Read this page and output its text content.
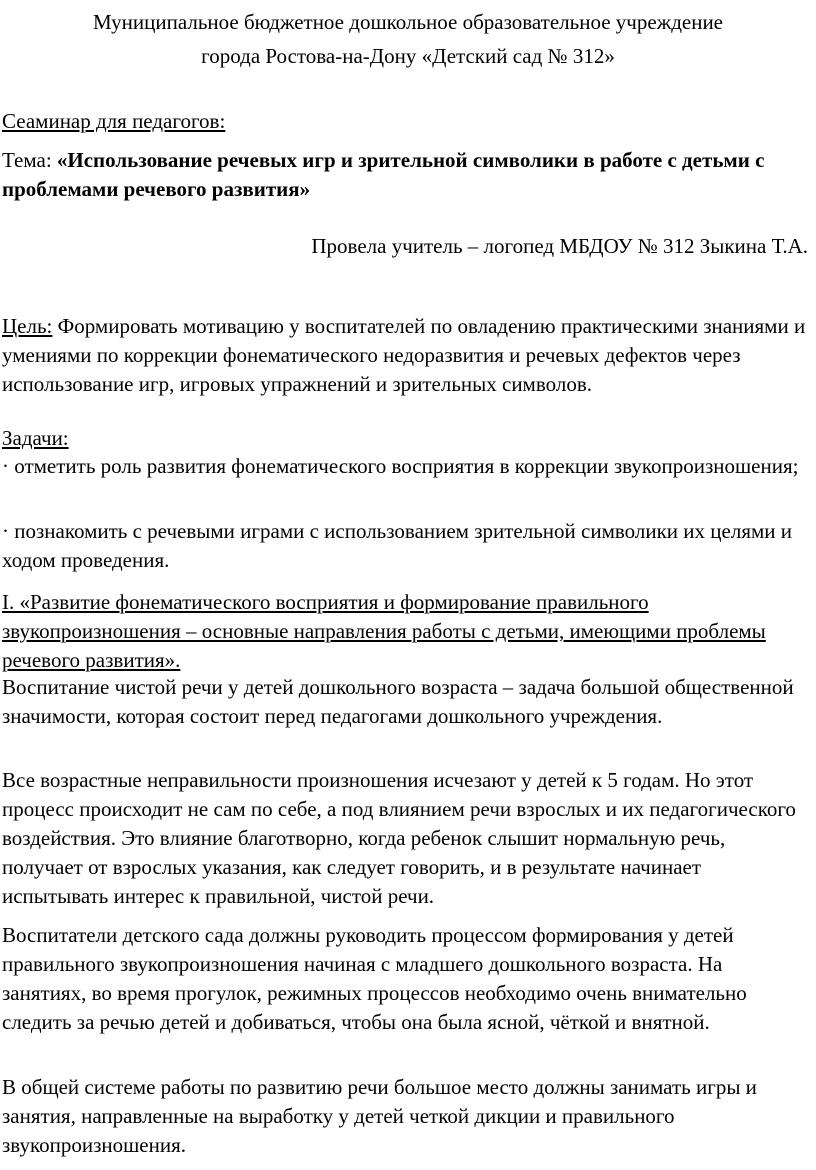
Муниципальное бюджетное дошкольное образовательное учреждение

города Ростова-на-Дону «Детский сад № 312»

Сеаминар для педагогов:

Тема: «Использование речевых игр и зрительной символики в работе с детьми с проблемами речевого развития»

Провела учитель – логопед МБДОУ № 312 Зыкина Т.А.

Цель: Формировать мотивацию у воспитателей по овладению практическими знаниями и умениями по коррекции фонематического недоразвития и речевых дефектов через использование игр, игровых упражнений и зрительных символов.

Задачи:

· отметить роль развития фонематического восприятия в коррекции звукопроизношения;

· познакомить с речевыми играми с использованием зрительной символики их целями и ходом проведения.

I. «Развитие фонематического восприятия и формирование правильного звукопроизношения – основные направления работы с детьми, имеющими проблемы речевого развития».

Воспитание чистой речи у детей дошкольного возраста – задача большой общественной значимости, которая состоит перед педагогами дошкольного учреждения.

Все возрастные неправильности произношения исчезают у детей к 5 годам. Но этот процесс происходит не сам по себе, а под влиянием речи взрослых и их педагогического воздействия. Это влияние благотворно, когда ребенок слышит нормальную речь, получает от взрослых указания, как следует говорить, и в результате начинает испытывать интерес к правильной, чистой речи.

Воспитатели детского сада должны руководить процессом формирования у детей правильного звукопроизношения начиная с младшего дошкольного возраста. На занятиях, во время прогулок, режимных процессов необходимо очень внимательно следить за речью детей и добиваться, чтобы она была ясной, чёткой и внятной.

В общей системе работы по развитию речи большое место должны занимать игры и занятия, направленные на выработку у детей четкой дикции и правильного звукопроизношения.
